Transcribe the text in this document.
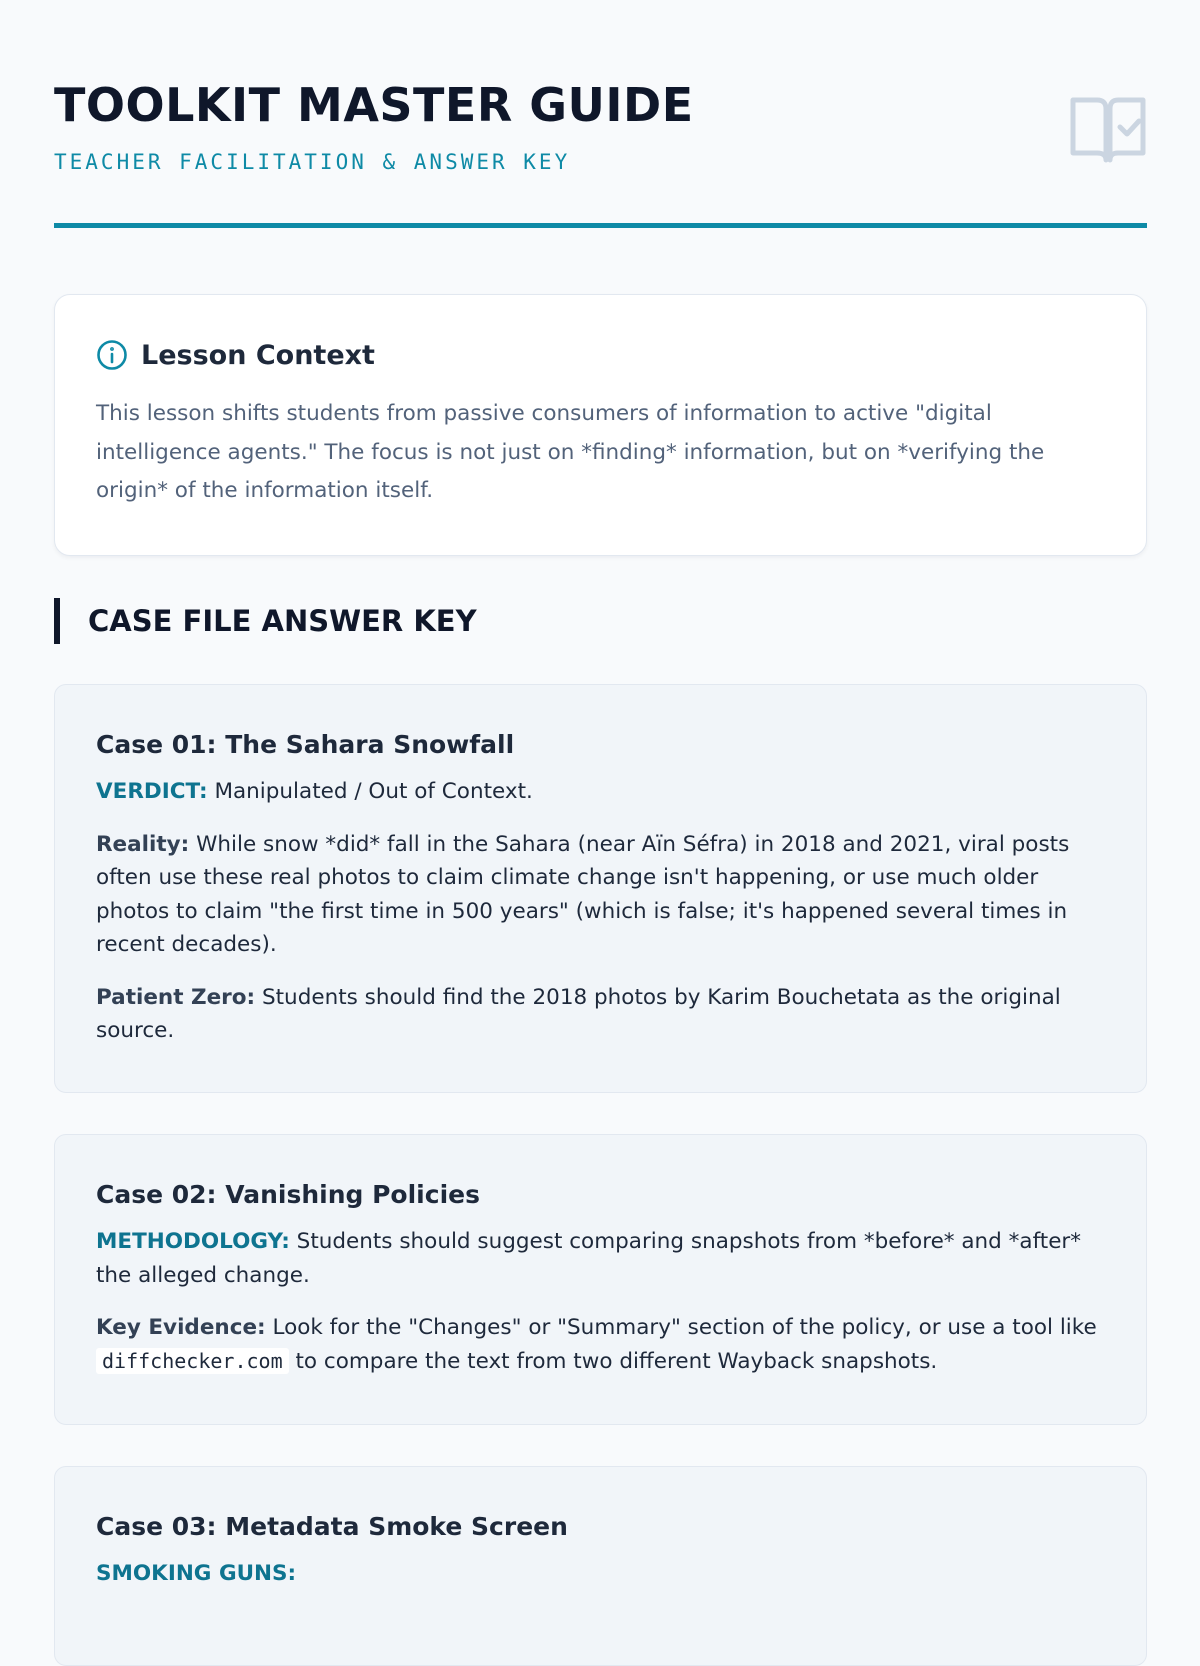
TOOLKIT MASTER GUIDE
TEACHER FACILITATION & ANSWER KEY
Lesson Context
This lesson shifts students from passive consumers of information to active "digital intelligence agents." The focus is not just on *finding* information, but on *verifying the origin* of the information itself.
CASE FILE ANSWER KEY
Case 01: The Sahara Snowfall

VERDICT: Manipulated / Out of Context.

Reality: While snow *did* fall in the Sahara (near Aïn Séfra) in 2018 and 2021, viral posts often use these real photos to claim climate change isn't happening, or use much older photos to claim "the first time in 500 years" (which is false; it's happened several times in recent decades).

Patient Zero: Students should find the 2018 photos by Karim Bouchetata as the original source.

Case 02: Vanishing Policies

METHODOLOGY: Students should suggest comparing snapshots from *before* and *after* the alleged change.

Key Evidence: Look for the "Changes" or "Summary" section of the policy, or use a tool like diffchecker.com to compare the text from two different Wayback snapshots.

Case 03: Metadata Smoke Screen

SMOKING GUNS:
